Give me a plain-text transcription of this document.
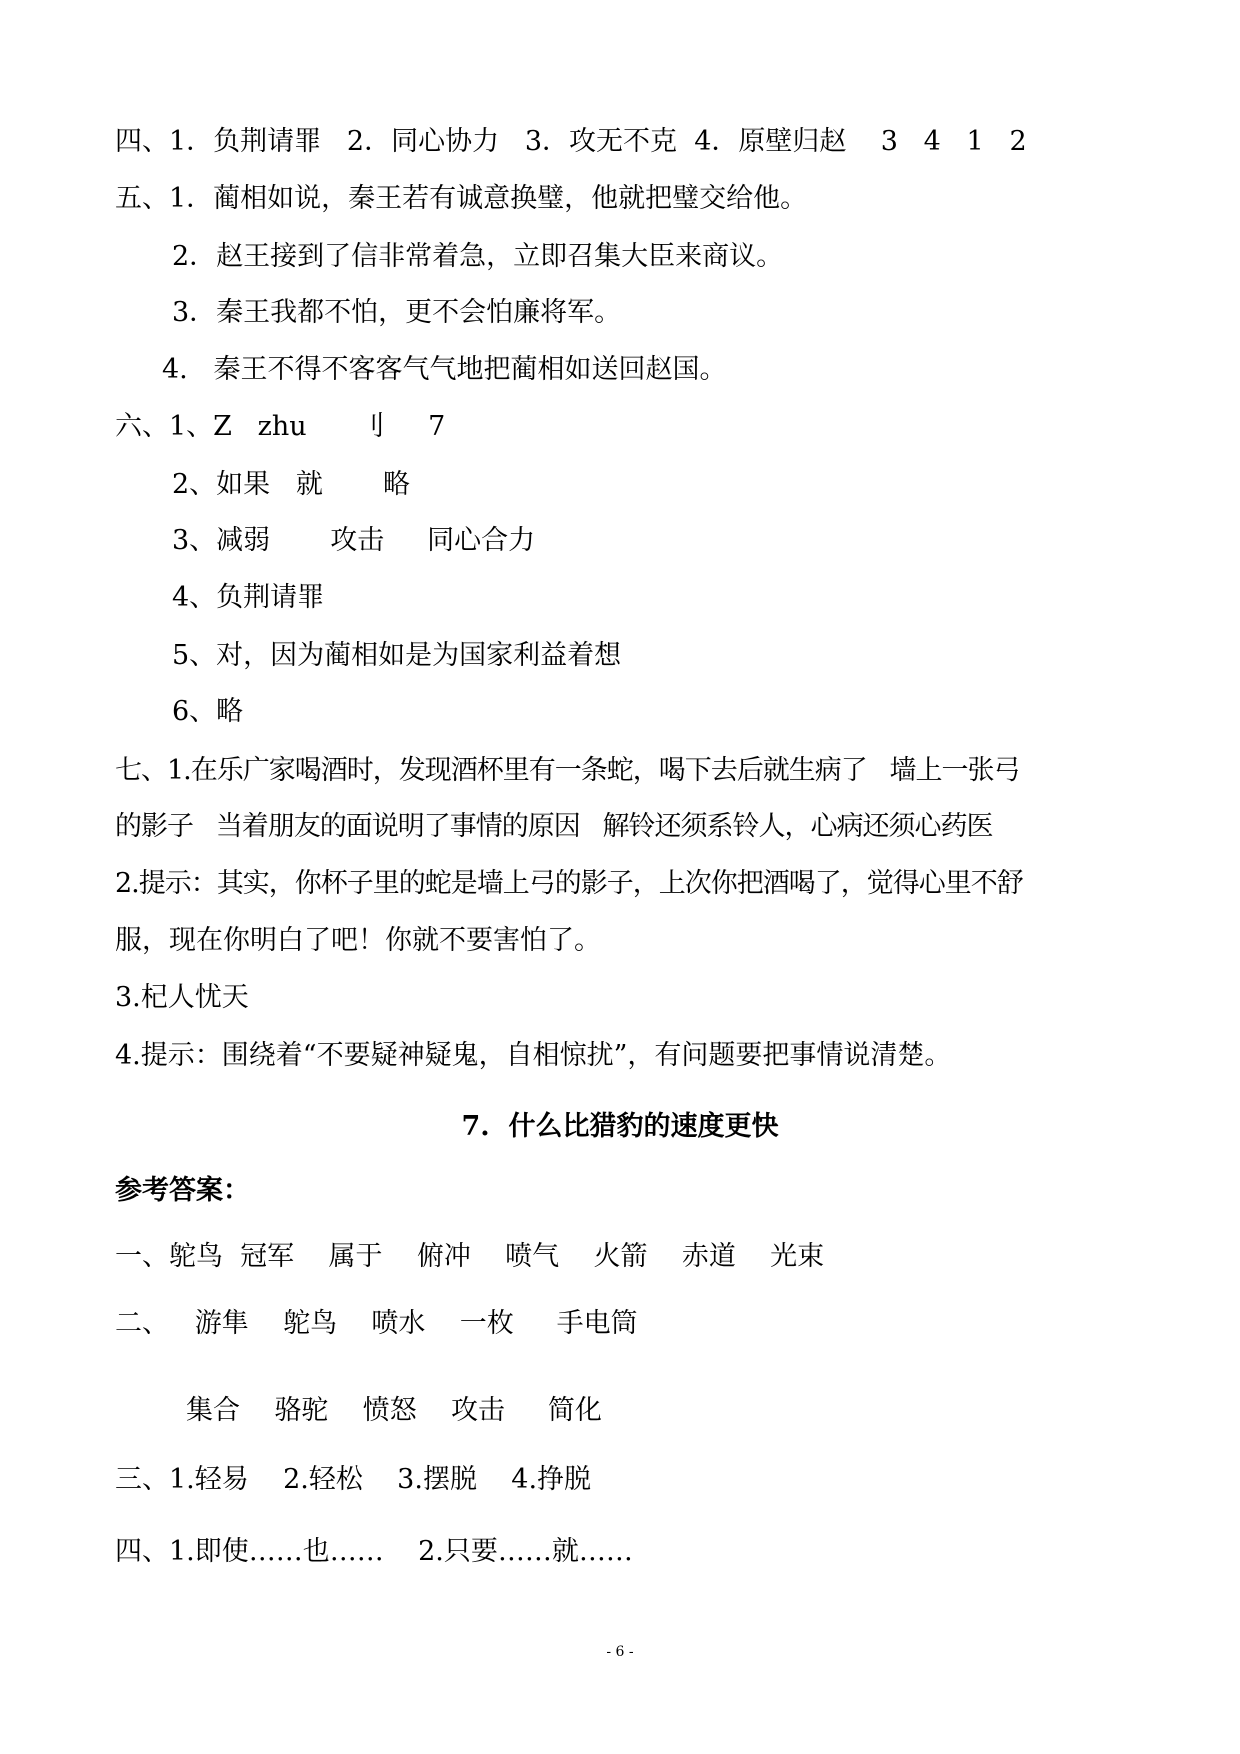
四、1．负荆请罪   2．同心协力   3．攻无不克  4．原壁归赵    3   4   1   2
五、1．蔺相如说，秦王若有诚意换璧，他就把璧交给他。
2．赵王接到了信非常着急，立即召集大臣来商议。
3．秦王我都不怕，更不会怕廉将军。
4.   秦王不得不客客气气地把蔺相如送回赵国。
六、1、Z   zhu      刂     7
2、如果   就       略
3、减弱       攻击     同心合力
4、负荆请罪
5、对，因为蔺相如是为国家利益着想
6、略
七、1.在乐广家喝酒时，发现酒杯里有一条蛇，喝下去后就生病了   墙上一张弓
的影子   当着朋友的面说明了事情的原因   解铃还须系铃人，心病还须心药医
2.提示：其实，你杯子里的蛇是墙上弓的影子，上次你把酒喝了，觉得心里不舒
服，现在你明白了吧！你就不要害怕了。
3.杞人忧天
4.提示：围绕着“不要疑神疑鬼，自相惊扰”，有问题要把事情说清楚。
7.  什么比猎豹的速度更快
参考答案：
一、鸵鸟  冠军    属于    俯冲    喷气    火箭    赤道    光束
二、   游隼    鸵鸟    喷水    一枚     手电筒
集合    骆驼    愤怒    攻击     简化
三、1.轻易    2.轻松    3.摆脱    4.挣脱
四、1.即使……也……    2.只要……就……
- 6 -
